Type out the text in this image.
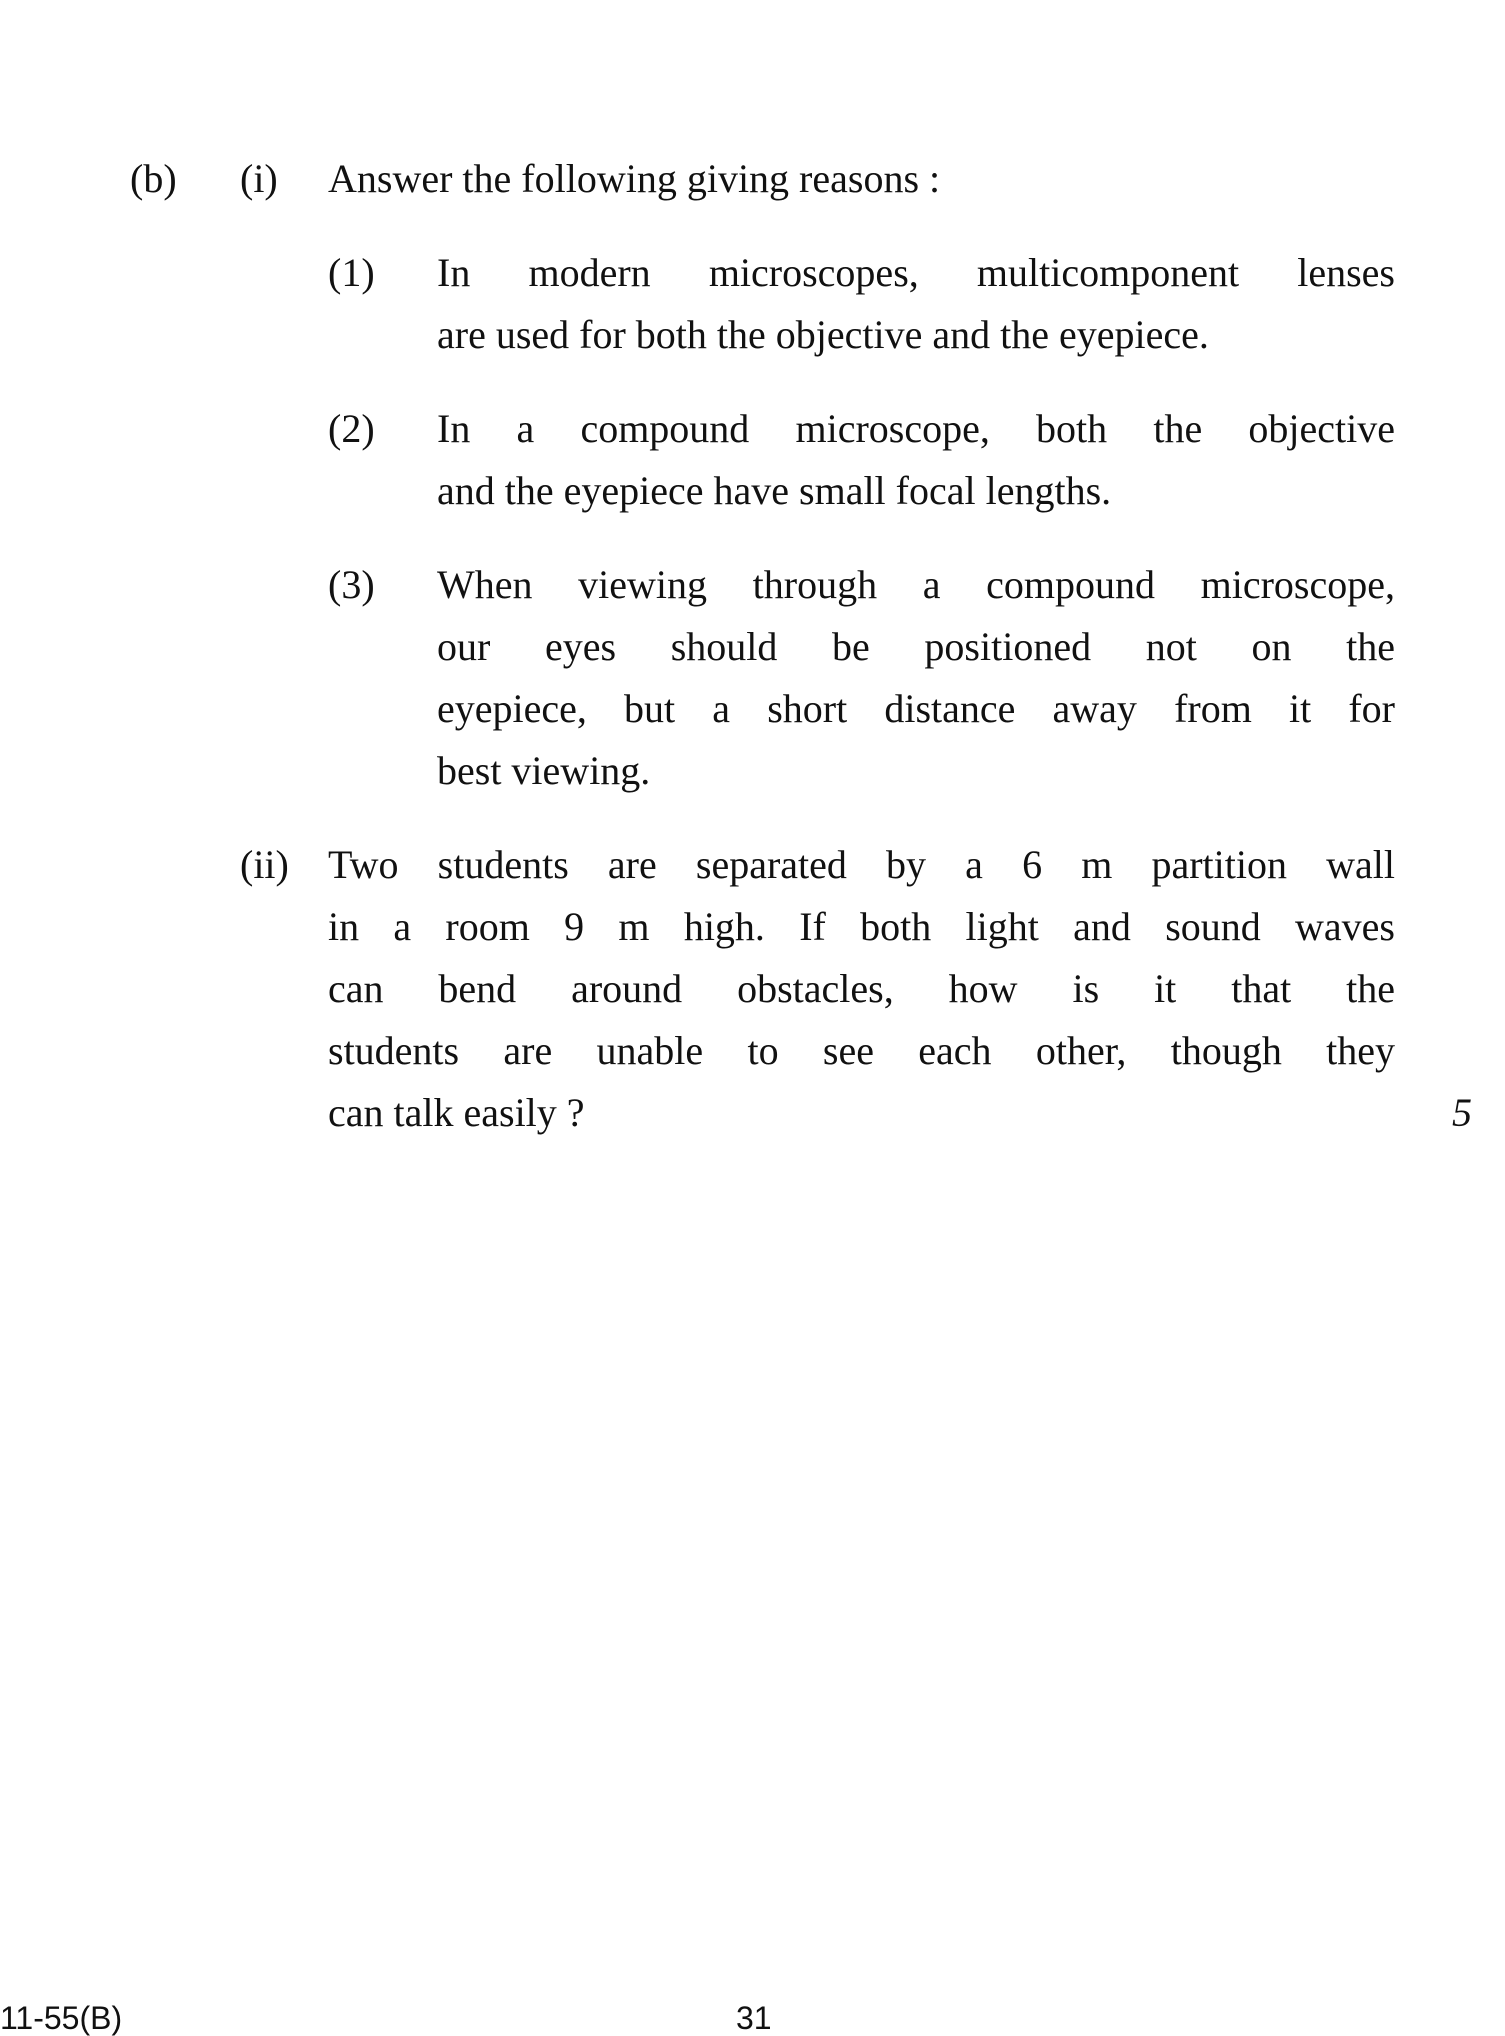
(b) (i) Answer the following giving reasons :
(1) In modern microscopes, multicomponent lenses
are used for both the objective and the eyepiece.
(2) In a compound microscope, both the objective
and the eyepiece have small focal lengths.
(3) When viewing through a compound microscope,
our eyes should be positioned not on the
eyepiece, but a short distance away from it for
best viewing.
(ii) Two students are separated by a 6 m partition wall
in a room 9 m high. If both light and sound waves
can bend around obstacles, how is it that the
students are unable to see each other, though they
can talk easily ?	5
11-55(B)	31
